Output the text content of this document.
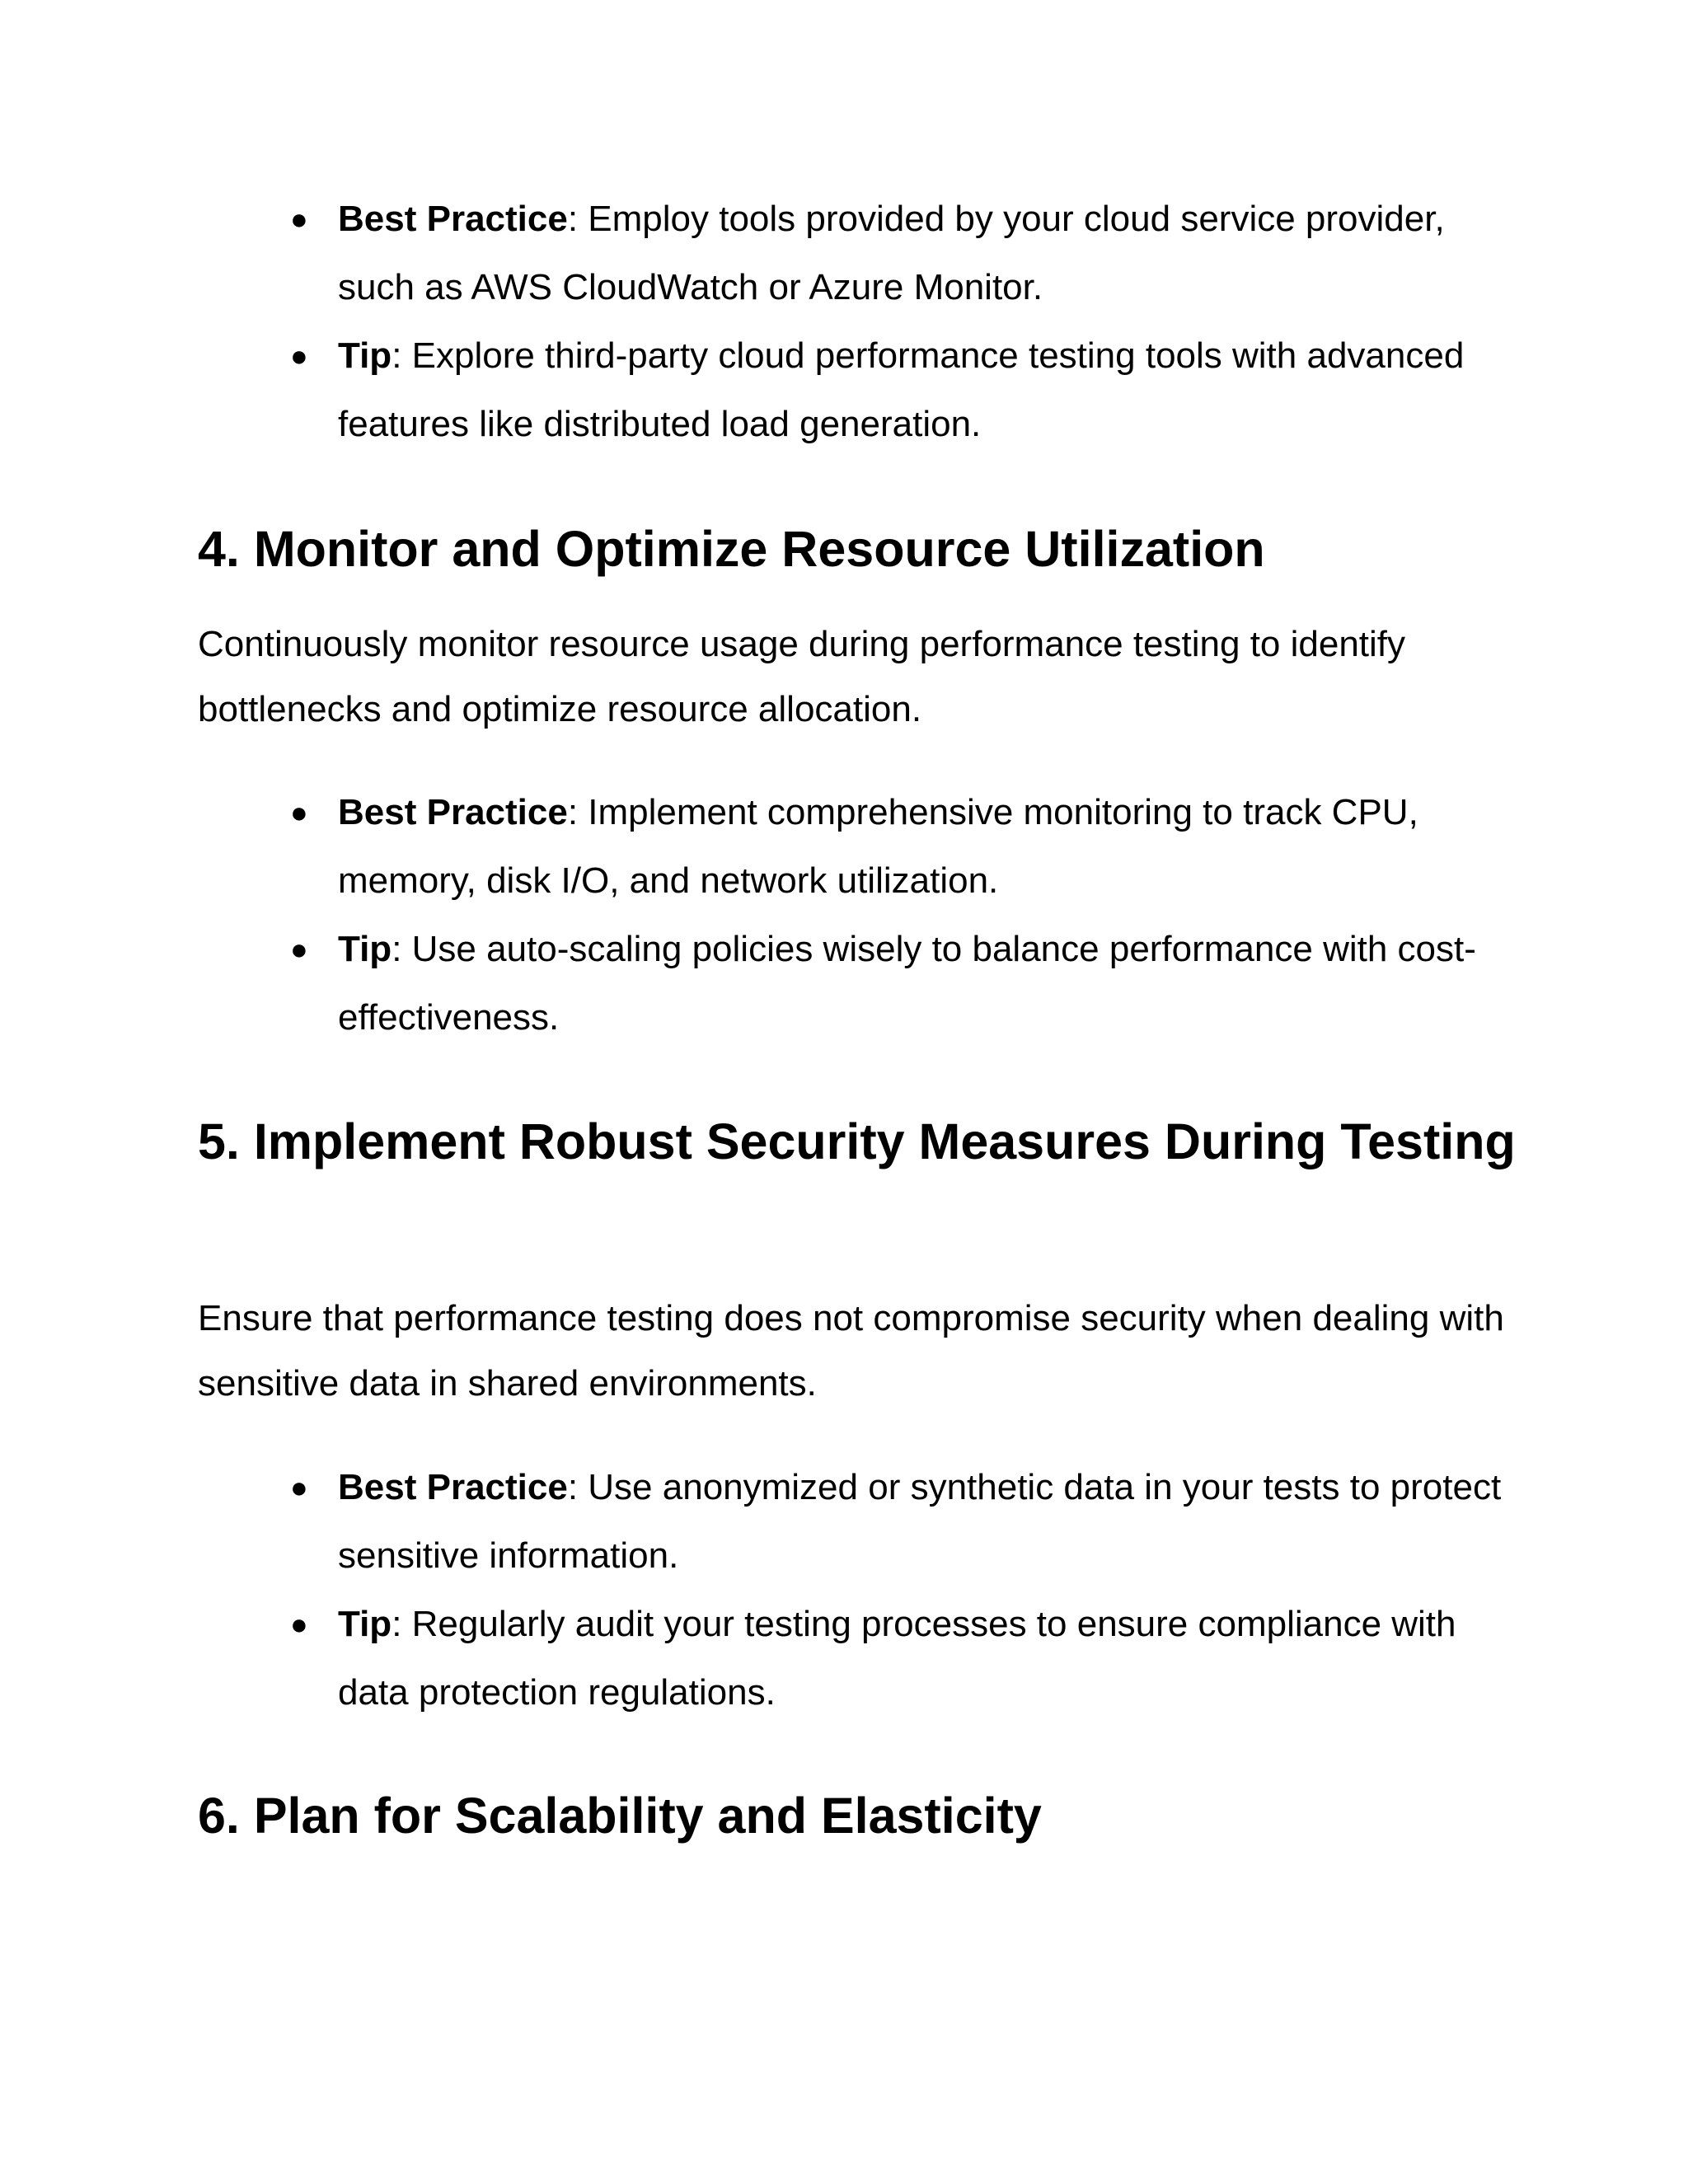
● Best Practice: Employ tools provided by your cloud service provider, such as AWS CloudWatch or Azure Monitor.
● Tip: Explore third-party cloud performance testing tools with advanced features like distributed load generation.
4. Monitor and Optimize Resource Utilization

Continuously monitor resource usage during performance testing to identify bottlenecks and optimize resource allocation.

● Best Practice: Implement comprehensive monitoring to track CPU, memory, disk I/O, and network utilization.
● Tip: Use auto-scaling policies wisely to balance performance with cost-effectiveness.
5. Implement Robust Security Measures During Testing

Ensure that performance testing does not compromise security when dealing with sensitive data in shared environments.

● Best Practice: Use anonymized or synthetic data in your tests to protect sensitive information.
● Tip: Regularly audit your testing processes to ensure compliance with data protection regulations.
6. Plan for Scalability and Elasticity
